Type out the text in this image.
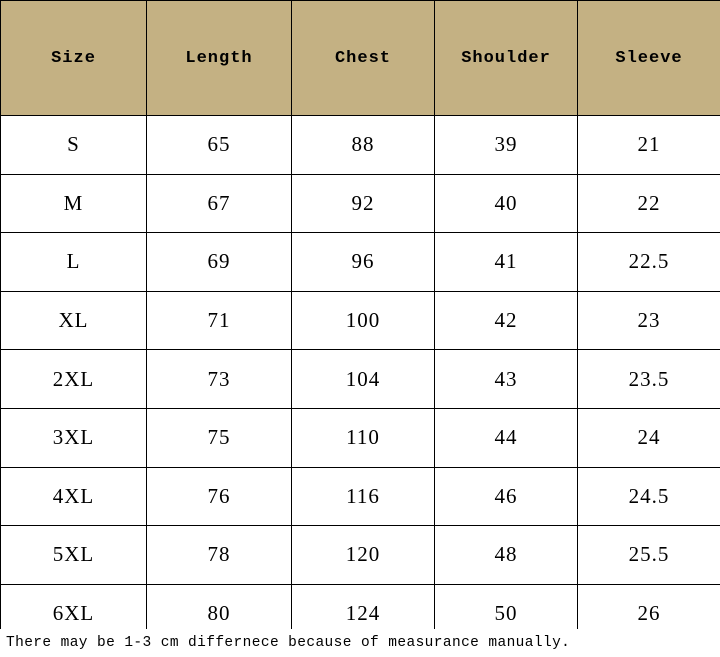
Size	Length	Chest	Shoulder	Sleeve
S	65	88	39	21
M	67	92	40	22
L	69	96	41	22.5
XL	71	100	42	23
2XL	73	104	43	23.5
3XL	75	110	44	24
4XL	76	116	46	24.5
5XL	78	120	48	25.5
6XL	80	124	50	26
There may be 1-3 cm differnece because of measurance manually.
